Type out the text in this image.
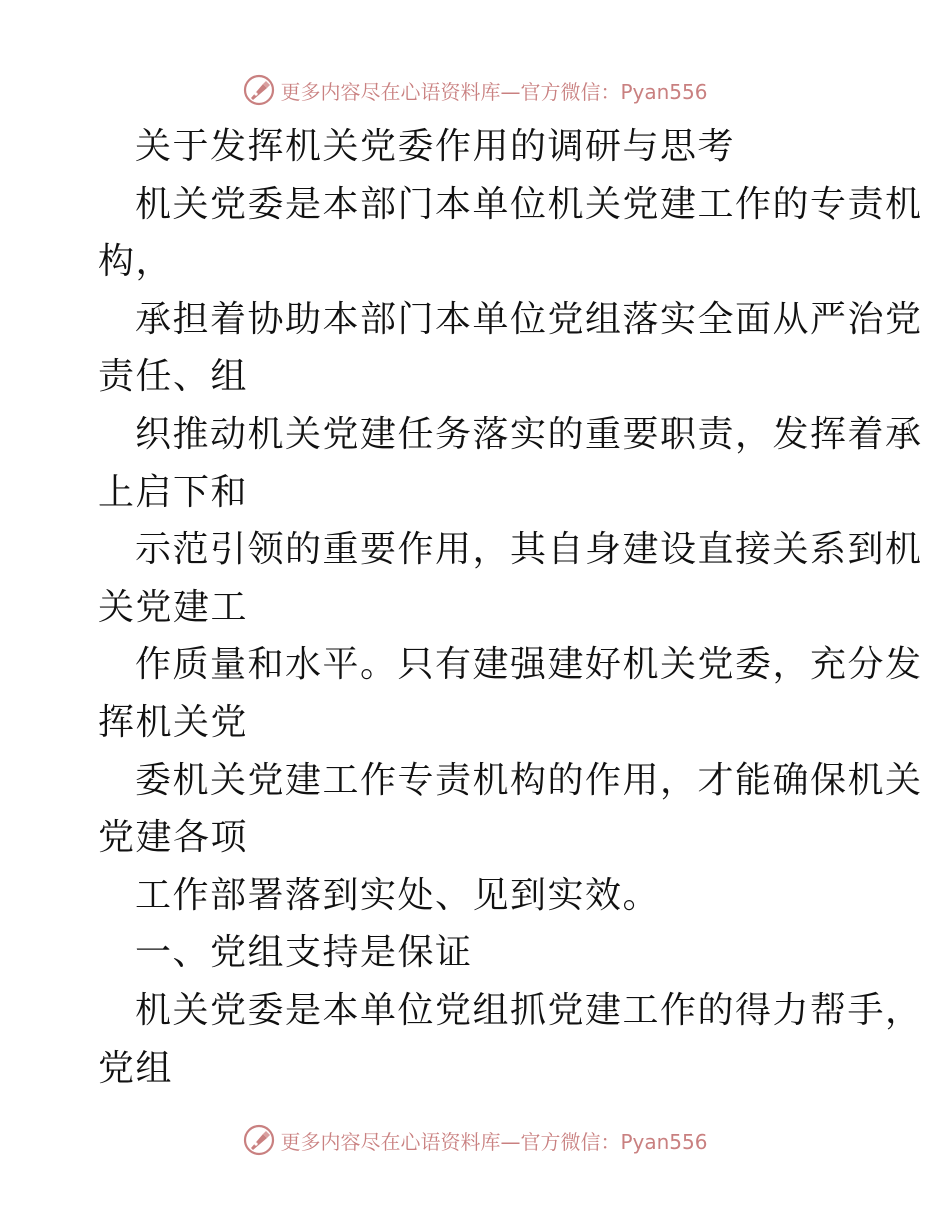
更多内容尽在心语资料库—官方微信：Pyan556
关于发挥机关党委作用的调研与思考
机关党委是本部门本单位机关党建工作的专责机
构，
承担着协助本部门本单位党组落实全面从严治党
责任、组
织推动机关党建任务落实的重要职责，发挥着承
上启下和
示范引领的重要作用，其自身建设直接关系到机
关党建工
作质量和水平。只有建强建好机关党委，充分发
挥机关党
委机关党建工作专责机构的作用，才能确保机关
党建各项
工作部署落到实处、见到实效。
一、党组支持是保证
机关党委是本单位党组抓党建工作的得力帮手，
党组
更多内容尽在心语资料库—官方微信：Pyan556
